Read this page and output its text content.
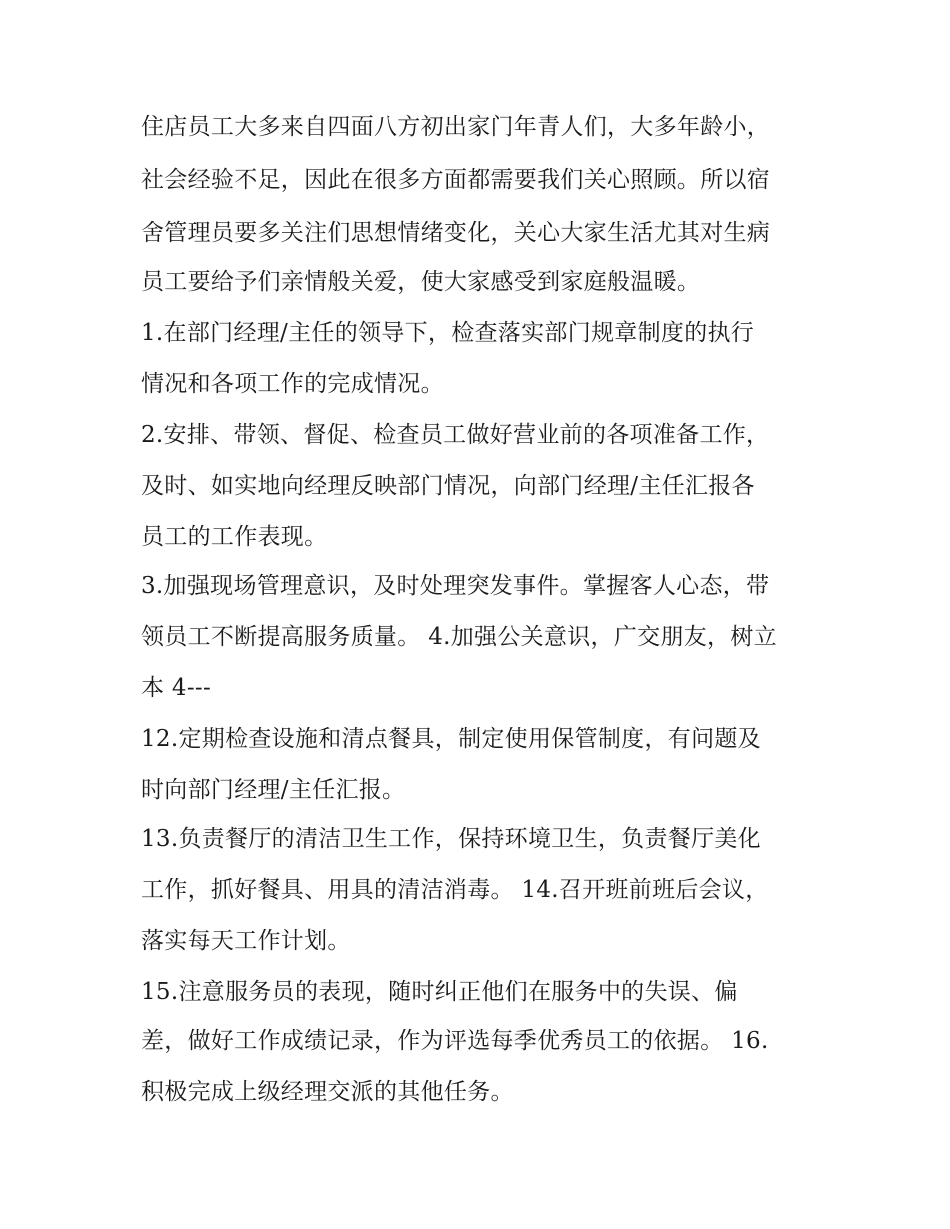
住店员工大多来自四面八方初出家门年青人们，大多年龄小，
社会经验不足，因此在很多方面都需要我们关心照顾。所以宿
舍管理员要多关注们思想情绪变化，关心大家生活尤其对生病
员工要给予们亲情般关爱，使大家感受到家庭般温暖。
1.在部门经理/主任的领导下，检查落实部门规章制度的执行
情况和各项工作的完成情况。
2.安排、带领、督促、检查员工做好营业前的各项准备工作，
及时、如实地向经理反映部门情况，向部门经理/主任汇报各
员工的工作表现。
3.加强现场管理意识，及时处理突发事件。掌握客人心态，带
领员工不断提高服务质量。 4.加强公关意识，广交朋友，树立
本 4---
12.定期检查设施和清点餐具，制定使用保管制度，有问题及
时向部门经理/主任汇报。
13.负责餐厅的清洁卫生工作，保持环境卫生，负责餐厅美化
工作，抓好餐具、用具的清洁消毒。 14.召开班前班后会议，
落实每天工作计划。
15.注意服务员的表现，随时纠正他们在服务中的失误、偏
差，做好工作成绩记录，作为评选每季优秀员工的依据。 16.
积极完成上级经理交派的其他任务。
